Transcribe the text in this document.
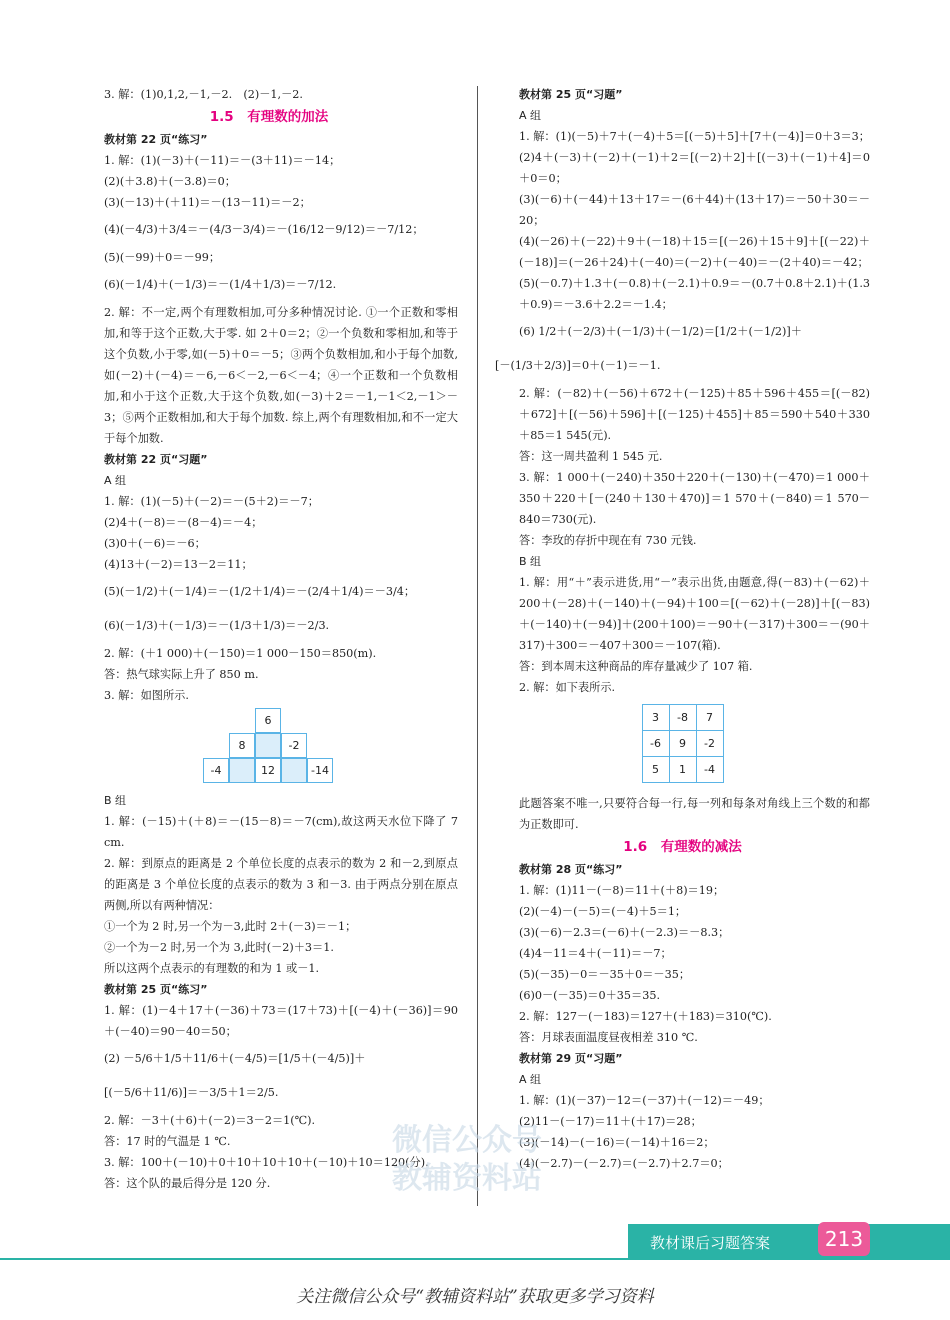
3. 解：(1)0,1,2,－1,－2.　(2)－1,－2.
1.5　有理数的加法
教材第 22 页“练习”
1. 解：(1)(－3)＋(－11)＝－(3＋11)＝－14；
(2)(＋3.8)＋(－3.8)＝0；
(3)(－13)＋(＋11)＝－(13－11)＝－2；
(4)(－4/3)＋3/4＝－(4/3－3/4)＝－(16/12－9/12)＝－7/12；
(5)(－99)＋0＝－99；
(6)(－1/4)＋(－1/3)＝－(1/4＋1/3)＝－7/12.
2. 解：不一定,两个有理数相加,可分多种情况讨论. ①一个正数和零相加,和等于这个正数,大于零. 如 2＋0＝2；②一个负数和零相加,和等于这个负数,小于零,如(－5)＋0＝－5；③两个负数相加,和小于每个加数,如(－2)＋(－4)＝－6,－6＜－2,－6＜－4；④一个正数和一个负数相加,和小于这个正数,大于这个负数,如(－3)＋2＝－1,－1＜2,－1＞－3；⑤两个正数相加,和大于每个加数. 综上,两个有理数相加,和不一定大于每个加数.
教材第 22 页“习题”
A 组
1. 解：(1)(－5)＋(－2)＝－(5＋2)＝－7；
(2)4＋(－8)＝－(8－4)＝－4；
(3)0＋(－6)＝－6；
(4)13＋(－2)＝13－2＝11；
(5)(－1/2)＋(－1/4)＝－(1/2＋1/4)＝－(2/4＋1/4)＝－3/4；
(6)(－1/3)＋(－1/3)＝－(1/3＋1/3)＝－2/3.
2. 解：(＋1 000)＋(－150)＝1 000－150＝850(m).
答：热气球实际上升了 850 m.
3. 解：如图所示.
6
8	-2
-4	12	-14
B 组
1. 解：(－15)＋(＋8)＝－(15－8)＝－7(cm),故这两天水位下降了 7 cm.
2. 解：到原点的距离是 2 个单位长度的点表示的数为 2 和－2,到原点的距离是 3 个单位长度的点表示的数为 3 和－3. 由于两点分别在原点两侧,所以有两种情况：
①一个为 2 时,另一个为－3,此时 2＋(－3)＝－1；
②一个为－2 时,另一个为 3,此时(－2)＋3＝1.
所以这两个点表示的有理数的和为 1 或－1.
教材第 25 页“练习”
1. 解：(1)－4＋17＋(－36)＋73＝(17＋73)＋[(－4)＋(－36)]＝90＋(－40)＝90－40＝50；
(2) －5/6＋1/5＋11/6＋(－4/5)＝[1/5＋(－4/5)]＋
[(－5/6＋11/6)]＝－3/5＋1＝2/5.
2. 解：－3＋(＋6)＋(－2)＝3－2＝1(℃).
答：17 时的气温是 1 ℃.
3. 解：100＋(－10)＋0＋10＋10＋10＋(－10)＋10＝120(分).
答：这个队的最后得分是 120 分.
教材第 25 页“习题”
A 组
1. 解：(1)(－5)＋7＋(－4)＋5＝[(－5)＋5]＋[7＋(－4)]＝0＋3＝3；
(2)4＋(－3)＋(－2)＋(－1)＋2＝[(－2)＋2]＋[(－3)＋(－1)＋4]＝0＋0＝0；
(3)(－6)＋(－44)＋13＋17＝－(6＋44)＋(13＋17)＝－50＋30＝－20；
(4)(－26)＋(－22)＋9＋(－18)＋15＝[(－26)＋15＋9]＋[(－22)＋(－18)]＝(－26＋24)＋(－40)＝(－2)＋(－40)＝－(2＋40)＝－42；
(5)(－0.7)＋1.3＋(－0.8)＋(－2.1)＋0.9＝－(0.7＋0.8＋2.1)＋(1.3＋0.9)＝－3.6＋2.2＝－1.4；
(6) 1/2＋(－2/3)＋(－1/3)＋(－1/2)＝[1/2＋(－1/2)]＋
[－(1/3＋2/3)]＝0＋(－1)＝－1.
2. 解：(－82)＋(－56)＋672＋(－125)＋85＋596＋455＝[(－82)＋672]＋[(－56)＋596]＋[(－125)＋455]＋85＝590＋540＋330＋85＝1 545(元).
答：这一周共盈利 1 545 元.
3. 解：1 000＋(－240)＋350＋220＋(－130)＋(－470)＝1 000＋350＋220＋[－(240＋130＋470)]＝1 570＋(－840)＝1 570－840＝730(元).
答：李玫的存折中现在有 730 元钱.
B 组
1. 解：用“＋”表示进货,用“－”表示出货,由题意,得(－83)＋(－62)＋200＋(－28)＋(－140)＋(－94)＋100＝[(－62)＋(－28)]＋[(－83)＋(－140)＋(－94)]＋(200＋100)＝－90＋(－317)＋300＝－(90＋317)＋300＝－407＋300＝－107(箱).
答：到本周末这种商品的库存量减少了 107 箱.
2. 解：如下表所示.
3	-8	7
-6	9	-2
5	1	-4
此题答案不唯一,只要符合每一行,每一列和每条对角线上三个数的和都为正数即可.
1.6　有理数的减法
教材第 28 页“练习”
1. 解：(1)11－(－8)＝11＋(＋8)＝19；
(2)(－4)－(－5)＝(－4)＋5＝1；
(3)(－6)－2.3＝(－6)＋(－2.3)＝－8.3；
(4)4－11＝4＋(－11)＝－7；
(5)(－35)－0＝－35＋0＝－35；
(6)0－(－35)＝0＋35＝35.
2. 解：127－(－183)＝127＋(＋183)＝310(℃).
答：月球表面温度昼夜相差 310 ℃.
教材第 29 页“习题”
A 组
1. 解：(1)(－37)－12＝(－37)＋(－12)＝－49；
(2)11－(－17)＝11＋(＋17)＝28；
(3)(－14)－(－16)＝(－14)＋16＝2；
(4)(－2.7)－(－2.7)＝(－2.7)＋2.7＝0；
微信公众号
教辅资料站
教材课后习题答案	213
关注微信公众号“教辅资料站”获取更多学习资料
